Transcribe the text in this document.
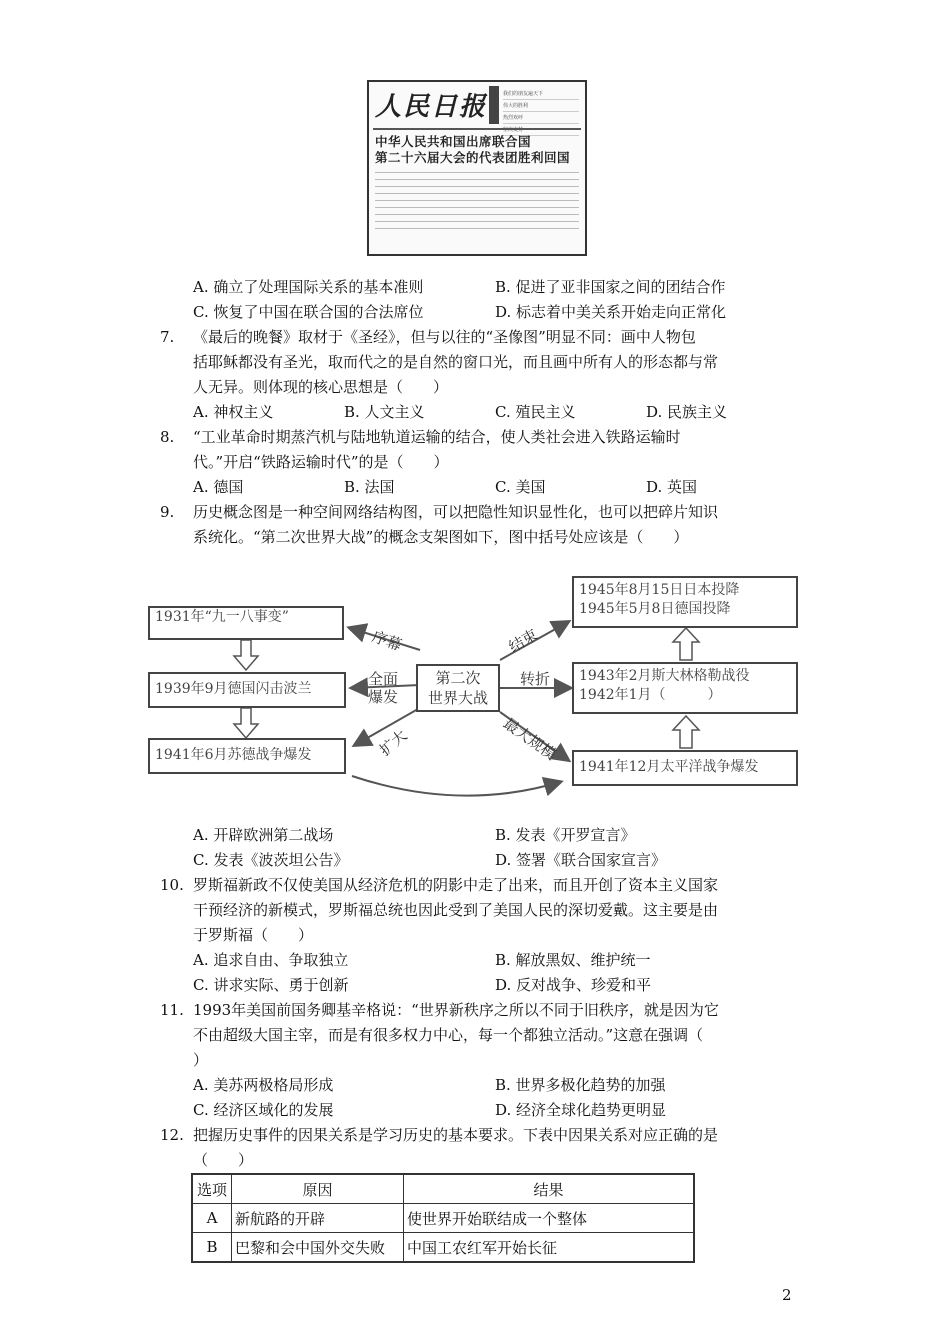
人民日报	我们的朋友遍天下
伟大的胜利
热烈欢呼
坚决支持
中华人民共和国出席联合国
第二十六届大会的代表团胜利回国
A. 确立了处理国际关系的基本准则	B. 促进了亚非国家之间的团结合作
C. 恢复了中国在联合国的合法席位	D. 标志着中美关系开始走向正常化
7. 《最后的晚餐》取材于《圣经》，但与以往的“圣像图”明显不同：画中人物包
括耶稣都没有圣光，取而代之的是自然的窗口光，而且画中所有人的形态都与常
人无异。则体现的核心思想是（　　）
A. 神权主义	B. 人文主义	C. 殖民主义	D. 民族主义
8. “工业革命时期蒸汽机与陆地轨道运输的结合，使人类社会进入铁路运输时
代。”开启“铁路运输时代”的是（　　）
A. 德国	B. 法国	C. 美国	D. 英国
9. 历史概念图是一种空间网络结构图，可以把隐性知识显性化，也可以把碎片知识
系统化。“第二次世界大战”的概念支架图如下，图中括号处应该是（　　）
1931年“九一八事变”
1939年9月德国闪击波兰
1941年6月苏德战争爆发
第二次
世界大战
序幕
全面
爆发
扩大
结束
转折
最大规模
1945年8月15日日本投降
1945年5月8日德国投降
1943年2月斯大林格勒战役
1942年1月（　　　）
1941年12月太平洋战争爆发
A. 开辟欧洲第二战场	B. 发表《开罗宣言》
C. 发表《波茨坦公告》	D. 签署《联合国家宣言》
10. 罗斯福新政不仅使美国从经济危机的阴影中走了出来，而且开创了资本主义国家
干预经济的新模式，罗斯福总统也因此受到了美国人民的深切爱戴。这主要是由
于罗斯福（　　）
A. 追求自由、争取独立	B. 解放黑奴、维护统一
C. 讲求实际、勇于创新	D. 反对战争、珍爱和平
11. 1993年美国前国务卿基辛格说：“世界新秩序之所以不同于旧秩序，就是因为它
不由超级大国主宰，而是有很多权力中心，每一个都独立活动。”这意在强调（
）
A. 美苏两极格局形成	B. 世界多极化趋势的加强
C. 经济区域化的发展	D. 经济全球化趋势更明显
12. 把握历史事件的因果关系是学习历史的基本要求。下表中因果关系对应正确的是
（　　）
选项	原因	结果
A	新航路的开辟	使世界开始联结成一个整体
B	巴黎和会中国外交失败	中国工农红军开始长征
2
